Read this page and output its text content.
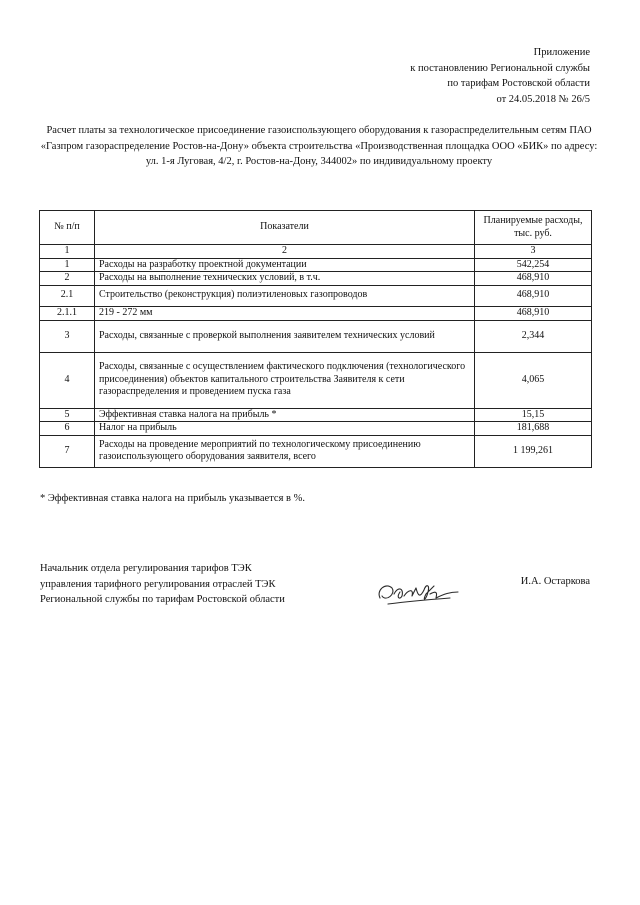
Приложение
к постановлению Региональной службы
по тарифам Ростовской области
от 24.05.2018 № 26/5
Расчет платы за технологическое присоединение газоиспользующего оборудования к газораспределительным сетям ПАО «Газпром газораспределение Ростов-на-Дону» объекта строительства «Производственная площадка ООО «БИК» по адресу: ул. 1-я Луговая, 4/2, г. Ростов-на-Дону, 344002» по индивидуальному проекту
№ п/п	Показатели	Планируемые расходы, тыс. руб.
1	2	3
1	Расходы на разработку проектной документации	542,254
2	Расходы на выполнение технических условий, в т.ч.	468,910
2.1	Строительство (реконструкция) полиэтиленовых газопроводов	468,910
2.1.1	219 - 272 мм	468,910
3	Расходы, связанные с проверкой выполнения заявителем технических условий	2,344
4	Расходы, связанные с осуществлением фактического подключения (технологического присоединения) объектов капитального строительства Заявителя к сети газораспределения и проведением пуска газа	4,065
5	Эффективная ставка налога на прибыль *	15,15
6	Налог на прибыль	181,688
7	Расходы на проведение мероприятий по технологическому присоединению газоиспользующего оборудования заявителя, всего	1 199,261
* Эффективная ставка налога на прибыль указывается в %.
Начальник отдела регулирования тарифов ТЭК
управления тарифного регулирования отраслей ТЭК
Региональной службы по тарифам Ростовской области
И.А. Остаркова
